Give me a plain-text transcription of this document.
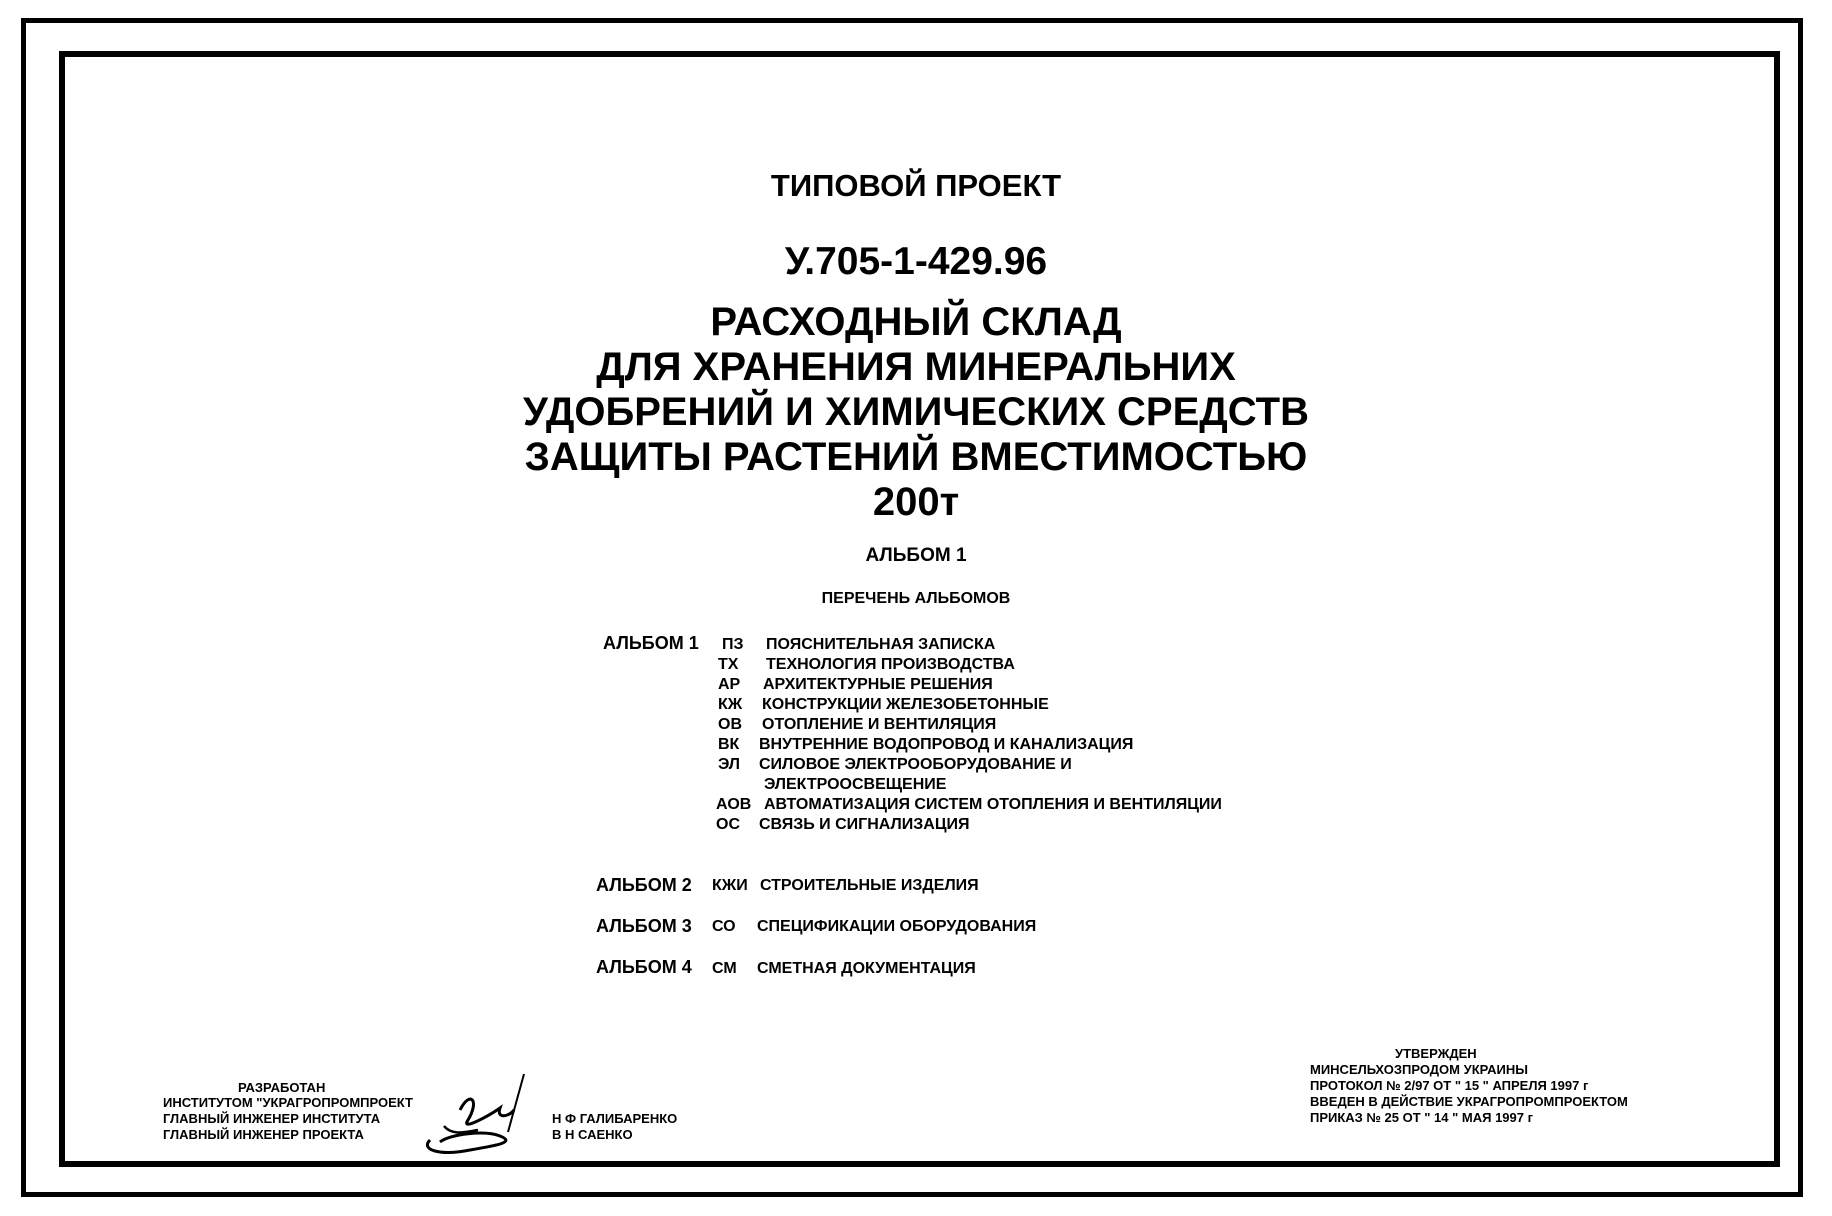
ТИПОВОЙ ПРОЕКТ
У.705-1-429.96
РАСХОДНЫЙ СКЛАД
ДЛЯ ХРАНЕНИЯ МИНЕРАЛЬНИХ
УДОБРЕНИЙ И ХИМИЧЕСКИХ СРЕДСТВ
ЗАЩИТЫ РАСТЕНИЙ ВМЕСТИМОСТЬЮ
200т
АЛЬБОМ 1
ПЕРЕЧЕНЬ АЛЬБОМОВ
АЛЬБОМ 1 ПЗ ПОЯСНИТЕЛЬНАЯ ЗАПИСКА
ТХ ТЕХНОЛОГИЯ ПРОИЗВОДСТВА
АР АРХИТЕКТУРНЫЕ РЕШЕНИЯ
КЖ КОНСТРУКЦИИ ЖЕЛЕЗОБЕТОННЫЕ
ОВ ОТОПЛЕНИЕ И ВЕНТИЛЯЦИЯ
ВК ВНУТРЕННИЕ ВОДОПРОВОД И КАНАЛИЗАЦИЯ
ЭЛ СИЛОВОЕ ЭЛЕКТРООБОРУДОВАНИЕ И
ЭЛЕКТРООСВЕЩЕНИЕ
АОВ АВТОМАТИЗАЦИЯ СИСТЕМ ОТОПЛЕНИЯ И ВЕНТИЛЯЦИИ
ОС СВЯЗЬ И СИГНАЛИЗАЦИЯ
АЛЬБОМ 2 КЖИ СТРОИТЕЛЬНЫЕ ИЗДЕЛИЯ
АЛЬБОМ 3 СО СПЕЦИФИКАЦИИ ОБОРУДОВАНИЯ
АЛЬБОМ 4 СМ СМЕТНАЯ ДОКУМЕНТАЦИЯ
РАЗРАБОТАН
ИНСТИТУТОМ "УКРАГРОПРОМПРОЕКТ
ГЛАВНЫЙ ИНЖЕНЕР ИНСТИТУТА
ГЛАВНЫЙ ИНЖЕНЕР ПРОЕКТА
Н Ф ГАЛИБАРЕНКО
В Н САЕНКО
УТВЕРЖДЕН
МИНСЕЛЬХОЗПРОДОМ УКРАИНЫ
ПРОТОКОЛ № 2/97 ОТ " 15 " АПРЕЛЯ 1997 г
ВВЕДЕН В ДЕЙСТВИЕ УКРАГРОПРОМПРОЕКТОМ
ПРИКАЗ № 25 ОТ " 14 " МАЯ 1997 г
